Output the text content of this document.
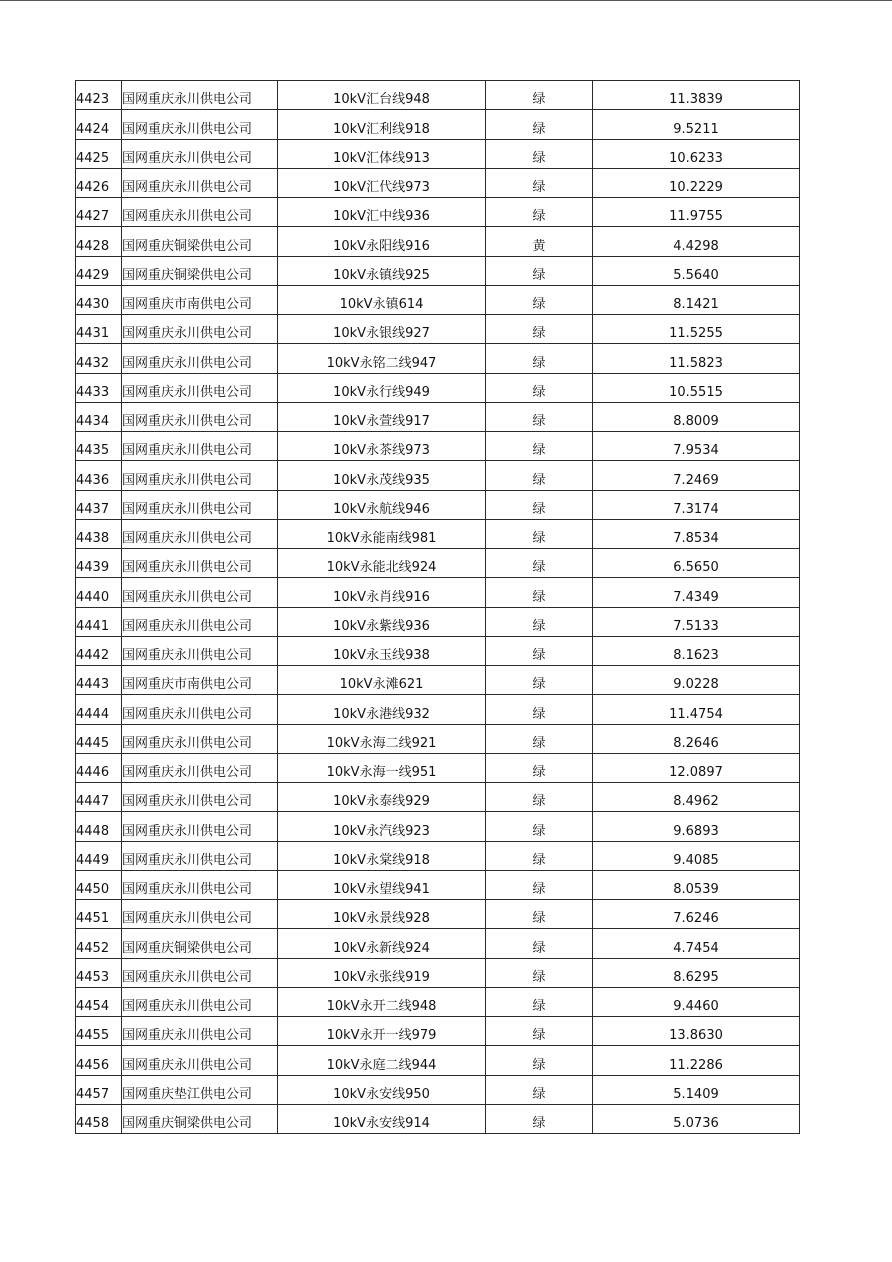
4423	国网重庆永川供电公司	10kV汇台线948	绿	11.3839
4424	国网重庆永川供电公司	10kV汇利线918	绿	9.5211
4425	国网重庆永川供电公司	10kV汇体线913	绿	10.6233
4426	国网重庆永川供电公司	10kV汇代线973	绿	10.2229
4427	国网重庆永川供电公司	10kV汇中线936	绿	11.9755
4428	国网重庆铜梁供电公司	10kV永阳线916	黄	4.4298
4429	国网重庆铜梁供电公司	10kV永镇线925	绿	5.5640
4430	国网重庆市南供电公司	10kV永镇614	绿	8.1421
4431	国网重庆永川供电公司	10kV永银线927	绿	11.5255
4432	国网重庆永川供电公司	10kV永铭二线947	绿	11.5823
4433	国网重庆永川供电公司	10kV永行线949	绿	10.5515
4434	国网重庆永川供电公司	10kV永萱线917	绿	8.8009
4435	国网重庆永川供电公司	10kV永茶线973	绿	7.9534
4436	国网重庆永川供电公司	10kV永茂线935	绿	7.2469
4437	国网重庆永川供电公司	10kV永航线946	绿	7.3174
4438	国网重庆永川供电公司	10kV永能南线981	绿	7.8534
4439	国网重庆永川供电公司	10kV永能北线924	绿	6.5650
4440	国网重庆永川供电公司	10kV永肖线916	绿	7.4349
4441	国网重庆永川供电公司	10kV永紫线936	绿	7.5133
4442	国网重庆永川供电公司	10kV永玉线938	绿	8.1623
4443	国网重庆市南供电公司	10kV永滩621	绿	9.0228
4444	国网重庆永川供电公司	10kV永港线932	绿	11.4754
4445	国网重庆永川供电公司	10kV永海二线921	绿	8.2646
4446	国网重庆永川供电公司	10kV永海一线951	绿	12.0897
4447	国网重庆永川供电公司	10kV永泰线929	绿	8.4962
4448	国网重庆永川供电公司	10kV永汽线923	绿	9.6893
4449	国网重庆永川供电公司	10kV永棠线918	绿	9.4085
4450	国网重庆永川供电公司	10kV永望线941	绿	8.0539
4451	国网重庆永川供电公司	10kV永景线928	绿	7.6246
4452	国网重庆铜梁供电公司	10kV永新线924	绿	4.7454
4453	国网重庆永川供电公司	10kV永张线919	绿	8.6295
4454	国网重庆永川供电公司	10kV永开二线948	绿	9.4460
4455	国网重庆永川供电公司	10kV永开一线979	绿	13.8630
4456	国网重庆永川供电公司	10kV永庭二线944	绿	11.2286
4457	国网重庆垫江供电公司	10kV永安线950	绿	5.1409
4458	国网重庆铜梁供电公司	10kV永安线914	绿	5.0736
